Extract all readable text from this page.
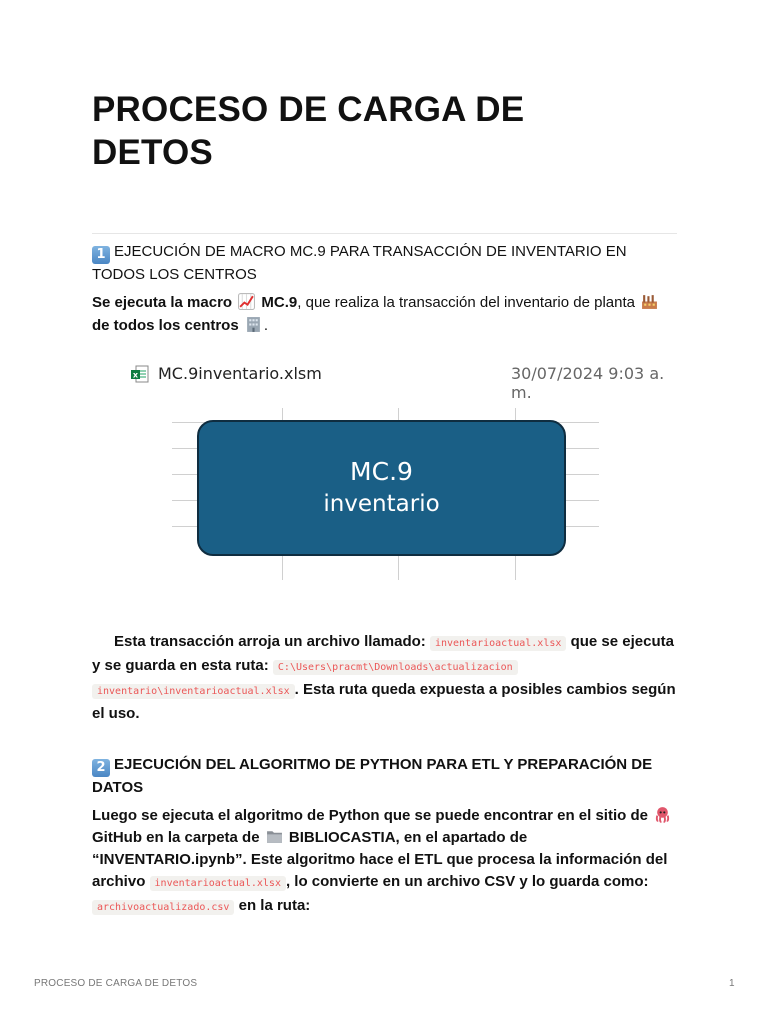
PROCESO DE CARGA DE DETOS
1 EJECUCIÓN DE MACRO MC.9 PARA TRANSACCIÓN DE INVENTARIO EN TODOS LOS CENTROS
Se ejecuta la macro MC.9, que realiza la transacción del inventario de planta  de todos los centros .
x MC.9inventario.xlsm	30/07/2024 9:03 a. m.
MC.9
inventario
Esta transacción arroja un archivo llamado: inventarioactual.xlsx que se ejecuta y se guarda en esta ruta: C:\Users\pracmt\Downloads\actualizacion inventario\inventarioactual.xlsx . Esta ruta queda expuesta a posibles cambios según el uso.
2 EJECUCIÓN DEL ALGORITMO DE PYTHON PARA ETL Y PREPARACIÓN DE DATOS
Luego se ejecuta el algoritmo de Python que se puede encontrar en el sitio de  GitHub en la carpeta de BIBLIOCASTIA, en el apartado de “INVENTARIO.ipynb”. Este algoritmo hace el ETL que procesa la información del archivo inventarioactual.xlsx , lo convierte en un archivo CSV y lo guarda como: archivoactualizado.csv en la ruta:
PROCESO DE CARGA DE DETOS	1
